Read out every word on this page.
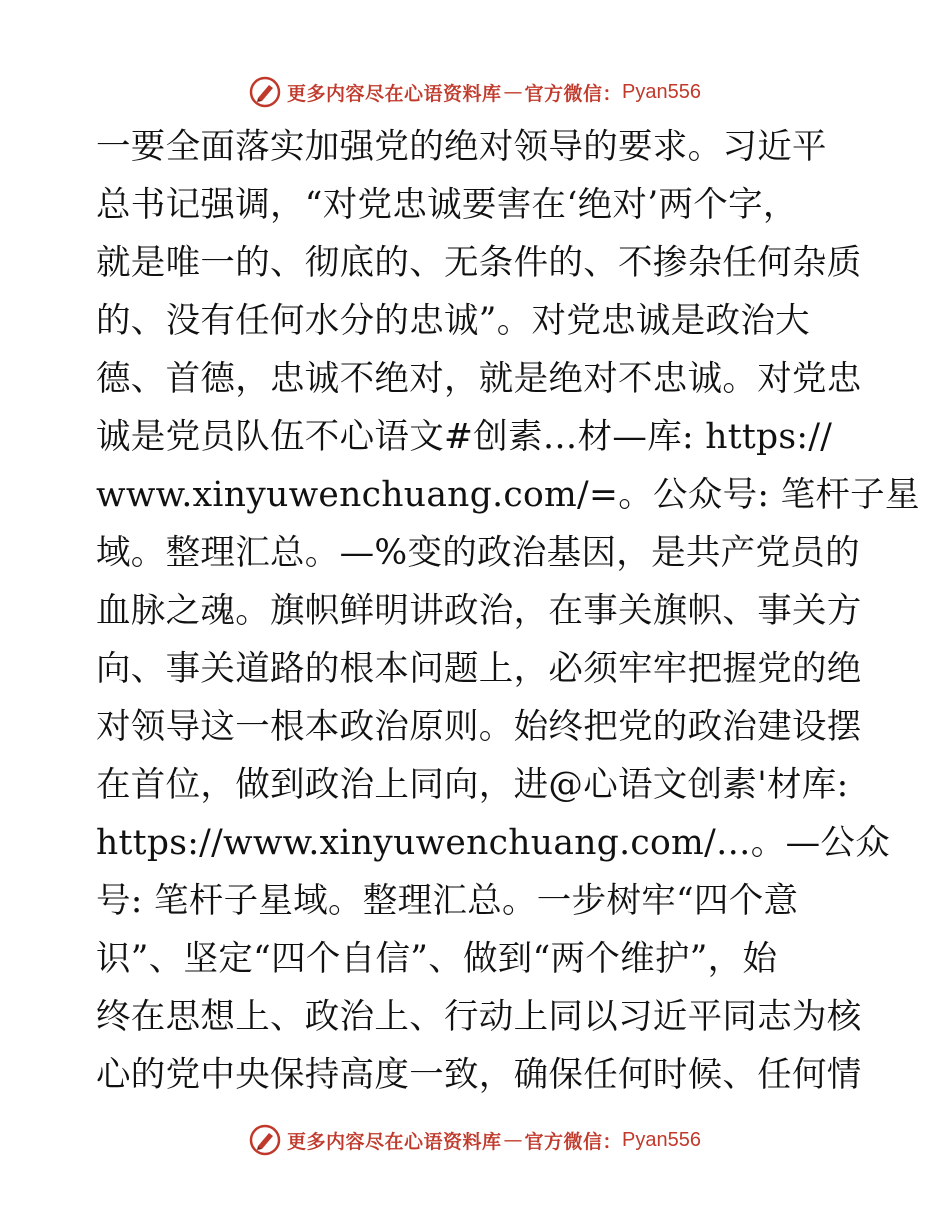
更多内容尽在心语资料库 — 官方微信： Pyan556
一要全面落实加强党的绝对领导的要求。习近平
总书记强调，“对党忠诚要害在‘绝对’两个字，
就是唯一的、彻底的、无条件的、不掺杂任何杂质
的、没有任何水分的忠诚”。对党忠诚是政治大
德、首德，忠诚不绝对，就是绝对不忠诚。对党忠
诚是党员队伍不心语文#创素…材—库: https://
www.xinyuwenchuang.com/=。公众号: 笔杆子星
域。整理汇总。—%变的政治基因，是共产党员的
血脉之魂。旗帜鲜明讲政治，在事关旗帜、事关方
向、事关道路的根本问题上，必须牢牢把握党的绝
对领导这一根本政治原则。始终把党的政治建设摆
在首位，做到政治上同向，进@心语文创素'材库:
https://www.xinyuwenchuang.com/…。—公众
号: 笔杆子星域。整理汇总。一步树牢“四个意
识”、坚定“四个自信”、做到“两个维护”，始
终在思想上、政治上、行动上同以习近平同志为核
心的党中央保持高度一致，确保任何时候、任何情
更多内容尽在心语资料库 — 官方微信： Pyan556
